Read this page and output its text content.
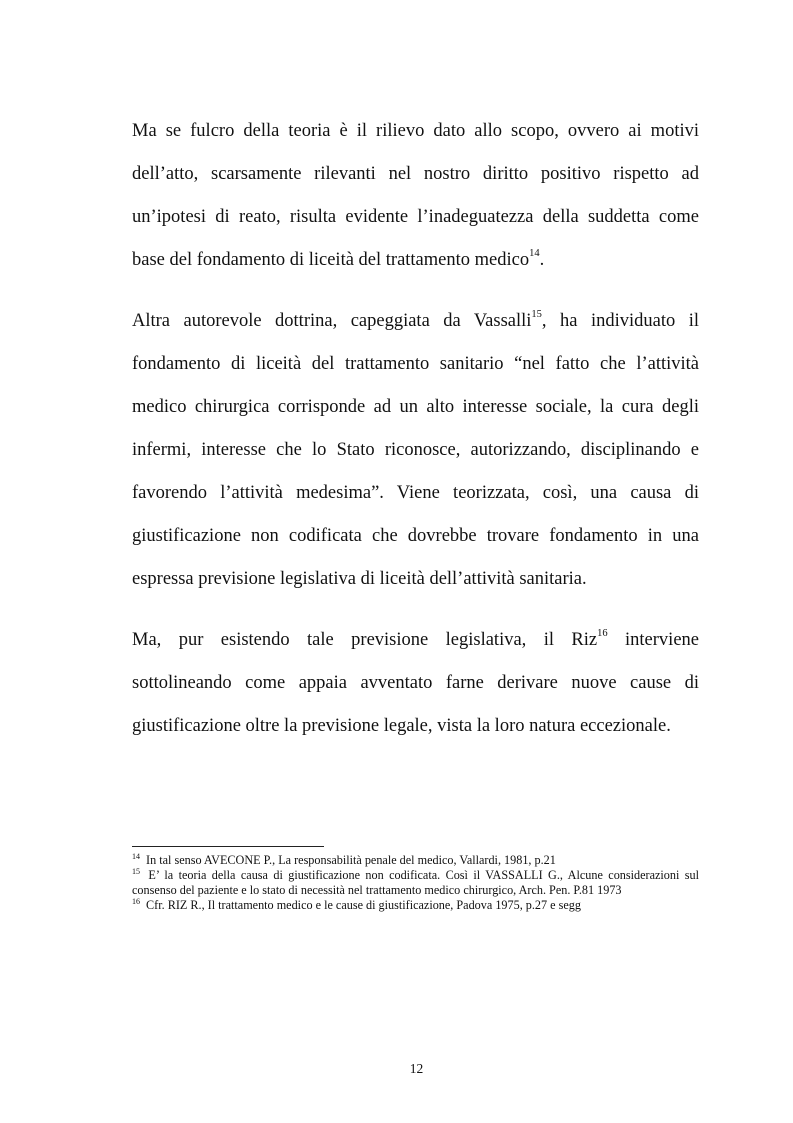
Ma se fulcro della teoria è il rilievo dato allo scopo, ovvero ai motivi
dell’atto, scarsamente rilevanti nel nostro diritto positivo rispetto ad
un’ipotesi di reato, risulta evidente l’inadeguatezza della suddetta come
base del fondamento di liceità del trattamento medico$^{14}$.

Altra autorevole dottrina, capeggiata da Vassalli$^{15}$, ha individuato il
fondamento di liceità del trattamento sanitario “nel fatto che l’attività
medico chirurgica corrisponde ad un alto interesse sociale, la cura degli
infermi, interesse che lo Stato riconosce, autorizzando, disciplinando e
favorendo l’attività medesima”. Viene teorizzata, così, una causa di
giustificazione non codificata che dovrebbe trovare fondamento in una
espressa previsione legislativa di liceità dell’attività sanitaria.

Ma, pur esistendo tale previsione legislativa, il Riz$^{16}$ interviene
sottolineando come appaia avventato farne derivare nuove cause di
giustificazione oltre la previsione legale, vista la loro natura eccezionale.

$^{14}$ In tal senso AVECONE P., La responsabilità penale del medico, Vallardi, 1981, p.21

$^{15}$ E’ la teoria della causa di giustificazione non codificata. Così il VASSALLI G., Alcune considerazioni sul consenso del paziente e lo stato di necessità nel trattamento medico chirurgico, Arch. Pen. P.81 1973

$^{16}$ Cfr. RIZ R., Il trattamento medico e le cause di giustificazione, Padova 1975, p.27 e segg

12
